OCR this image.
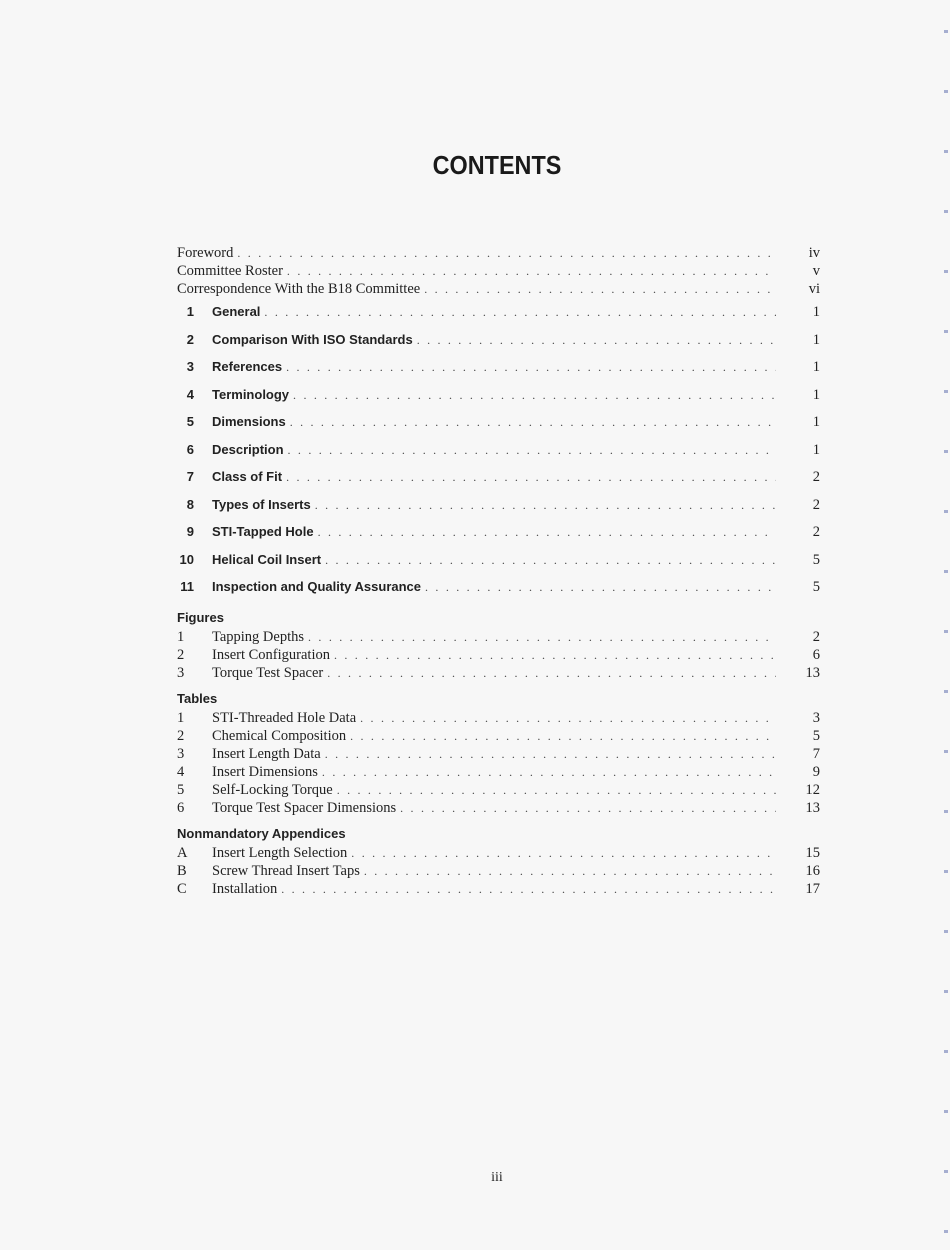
CONTENTS
Foreword . . .	iv
Committee Roster . . .	v
Correspondence With the B18 Committee . . .	vi
1	General . . .	1
2	Comparison With ISO Standards . . .	1
3	References . . .	1
4	Terminology . . .	1
5	Dimensions . . .	1
6	Description . . .	1
7	Class of Fit . . .	2
8	Types of Inserts . . .	2
9	STI-Tapped Hole . . .	2
10	Helical Coil Insert . . .	5
11	Inspection and Quality Assurance . . .	5
Figures
1	Tapping Depths . . .	2
2	Insert Configuration . . .	6
3	Torque Test Spacer . . .	13
Tables
1	STI-Threaded Hole Data . . .	3
2	Chemical Composition . . .	5
3	Insert Length Data . . .	7
4	Insert Dimensions . . .	9
5	Self-Locking Torque . . .	12
6	Torque Test Spacer Dimensions . . .	13
Nonmandatory Appendices
A	Insert Length Selection . . .	15
B	Screw Thread Insert Taps . . .	16
C	Installation . . .	17
iii
